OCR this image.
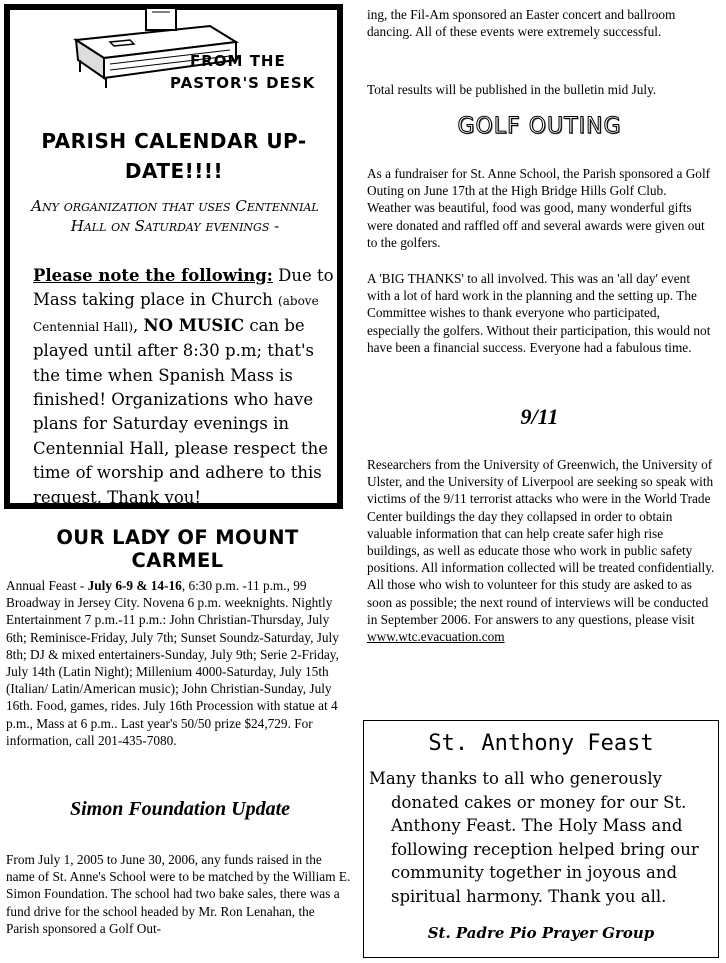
FROM THE
PASTOR'S DESK
PARISH CALENDAR UP-DATE!!!!
Any organization that uses Centennial Hall on Saturday evenings -
Please note the following: Due to Mass taking place in Church (above Centennial Hall), NO MUSIC can be played until after 8:30 p.m; that's the time when Spanish Mass is finished! Organizations who have plans for Saturday evenings in Centennial Hall, please respect the time of worship and adhere to this request. Thank you!
OUR LADY OF MOUNT CARMEL
Annual Feast - July 6-9 & 14-16, 6:30 p.m. -11 p.m., 99 Broadway in Jersey City. Novena 6 p.m. weeknights. Nightly Entertainment 7 p.m.-11 p.m.: John Christian-Thursday, July 6th; Reminisce-Friday, July 7th; Sunset Soundz-Saturday, July 8th; DJ & mixed entertainers-Sunday, July 9th; Serie 2-Friday, July 14th (Latin Night); Millenium 4000-Saturday, July 15th (Italian/ Latin/American music); John Christian-Sunday, July 16th. Food, games, rides. July 16th Procession with statue at 4 p.m., Mass at 6 p.m.. Last year's 50/50 prize $24,729. For information, call 201-435-7080.
Simon Foundation Update
From July 1, 2005 to June 30, 2006, any funds raised in the name of St. Anne's School were to be matched by the William E. Simon Foundation. The school had two bake sales, there was a fund drive for the school headed by Mr. Ron Lenahan, the Parish sponsored a Golf Out-
ing, the Fil-Am sponsored an Easter concert and ballroom dancing. All of these events were extremely successful.
Total results will be published in the bulletin mid July.
GOLF OUTING
As a fundraiser for St. Anne School, the Parish sponsored a Golf Outing on June 17th at the High Bridge Hills Golf Club. Weather was beautiful, food was good, many wonderful gifts were donated and raffled off and several awards were given out to the golfers.
A 'BIG THANKS' to all involved. This was an 'all day' event with a lot of hard work in the planning and the setting up. The Committee wishes to thank everyone who participated, especially the golfers. Without their participation, this would not have been a financial success. Everyone had a fabulous time.
9/11
Researchers from the University of Greenwich, the University of Ulster, and the University of Liverpool are seeking so speak with victims of the 9/11 terrorist attacks who were in the World Trade Center buildings the day they collapsed in order to obtain valuable information that can help create safer high rise buildings, as well as educate those who work in public safety positions. All information collected will be treated confidentially. All those who wish to volunteer for this study are asked to as soon as possible; the next round of interviews will be conducted in September 2006. For answers to any questions, please visit www.wtc.evacuation.com
St. Anthony Feast
Many thanks to all who generously donated cakes or money for our St. Anthony Feast. The Holy Mass and following reception helped bring our community together in joyous and spiritual harmony. Thank you all.
St. Padre Pio Prayer Group
